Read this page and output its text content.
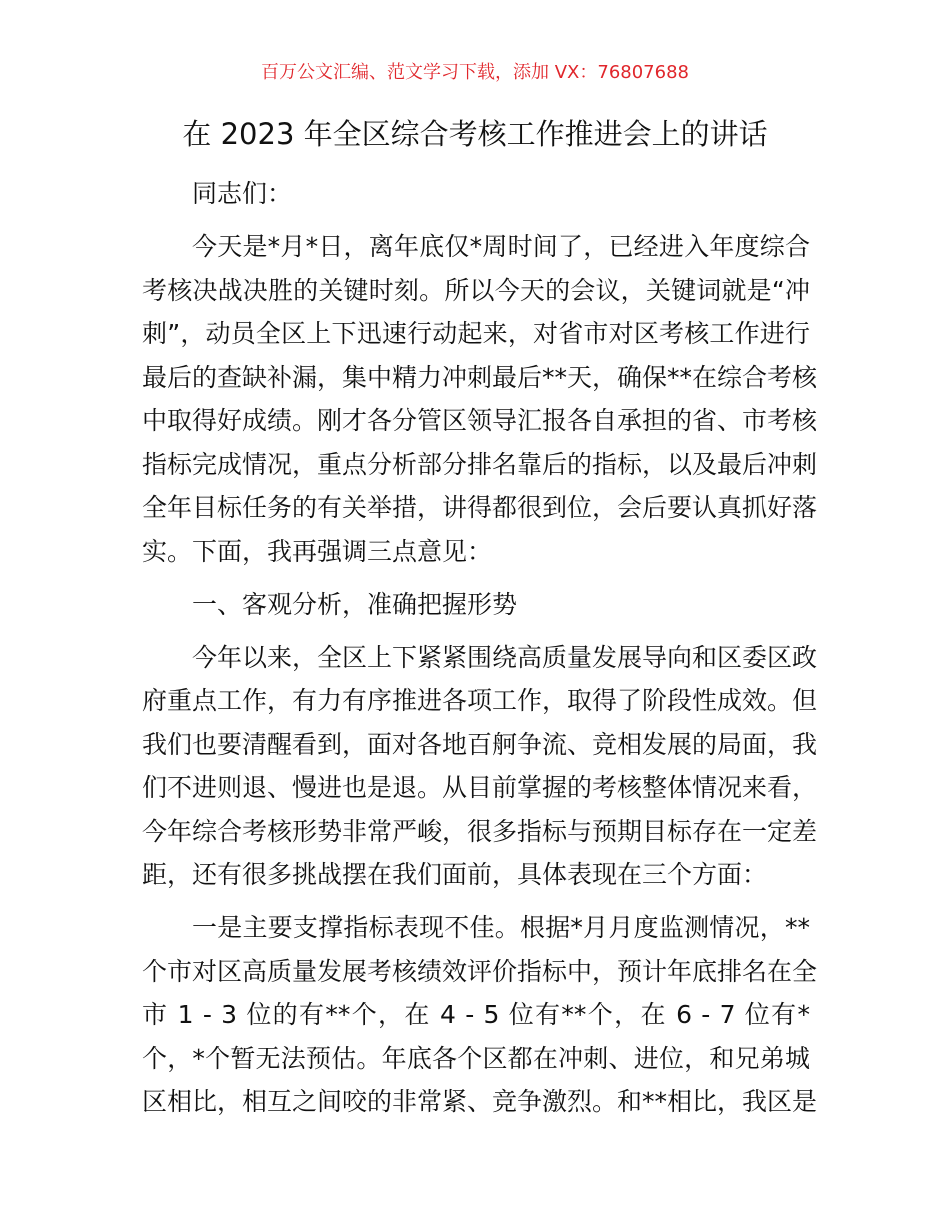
百万公文汇编、范文学习下载，添加 VX：76807688
在 2023 年全区综合考核工作推进会上的讲话
同志们：
今天是*月*日，离年底仅*周时间了，已经进入年度综合
考核决战决胜的关键时刻。所以今天的会议，关键词就是“冲
刺”，动员全区上下迅速行动起来，对省市对区考核工作进行
最后的查缺补漏，集中精力冲刺最后**天，确保**在综合考核
中取得好成绩。刚才各分管区领导汇报各自承担的省、市考核
指标完成情况，重点分析部分排名靠后的指标，以及最后冲刺
全年目标任务的有关举措，讲得都很到位，会后要认真抓好落
实。下面，我再强调三点意见：
一、客观分析，准确把握形势
今年以来，全区上下紧紧围绕高质量发展导向和区委区政
府重点工作，有力有序推进各项工作，取得了阶段性成效。但
我们也要清醒看到，面对各地百舸争流、竞相发展的局面，我
们不进则退、慢进也是退。从目前掌握的考核整体情况来看，
今年综合考核形势非常严峻，很多指标与预期目标存在一定差
距，还有很多挑战摆在我们面前，具体表现在三个方面：
一是主要支撑指标表现不佳。根据*月月度监测情况，**
个市对区高质量发展考核绩效评价指标中，预计年底排名在全
市 1 - 3 位的有**个，在 4 - 5 位有**个，在 6 - 7 位有*
个，*个暂无法预估。年底各个区都在冲刺、进位，和兄弟城
区相比，相互之间咬的非常紧、竞争激烈。和**相比，我区是
